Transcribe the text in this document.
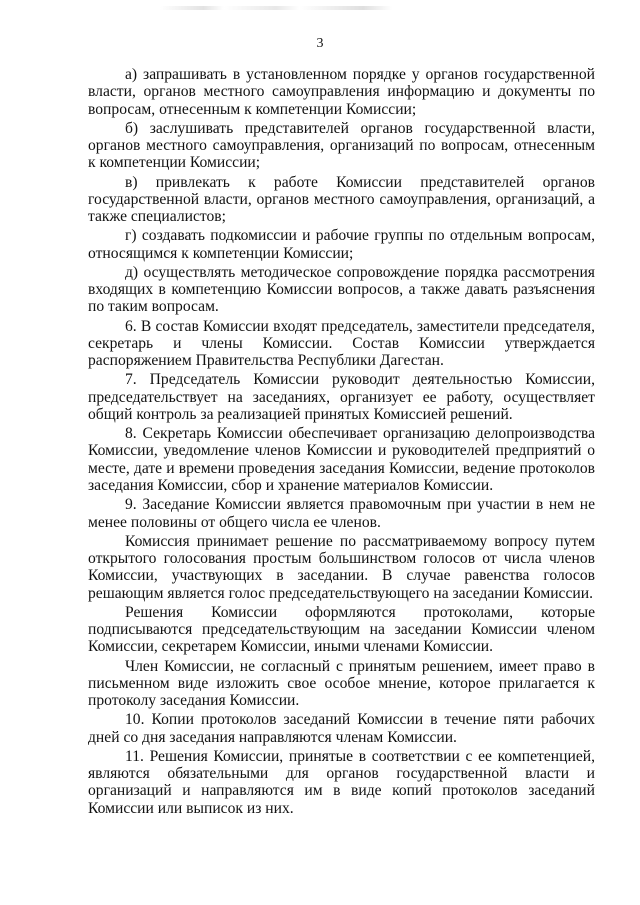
3

а) запрашивать в установленном порядке у органов государственной власти, органов местного самоуправления информацию и документы по вопросам, отнесенным к компетенции Комиссии;

б) заслушивать представителей органов государственной власти, органов местного самоуправления, организаций по вопросам, отнесенным к компетенции Комиссии;

в) привлекать к работе Комиссии представителей органов государственной власти, органов местного самоуправления, организаций, а также специалистов;

г) создавать подкомиссии и рабочие группы по отдельным вопросам, относящимся к компетенции Комиссии;

д) осуществлять методическое сопровождение порядка рассмотрения входящих в компетенцию Комиссии вопросов, а также давать разъяснения по таким вопросам.

6. В состав Комиссии входят председатель, заместители председателя, секретарь и члены Комиссии. Состав Комиссии утверждается распоряжением Правительства Республики Дагестан.

7. Председатель Комиссии руководит деятельностью Комиссии, председательствует на заседаниях, организует ее работу, осуществляет общий контроль за реализацией принятых Комиссией решений.

8. Секретарь Комиссии обеспечивает организацию делопроизводства Комиссии, уведомление членов Комиссии и руководителей предприятий о месте, дате и времени проведения заседания Комиссии, ведение протоколов заседания Комиссии, сбор и хранение материалов Комиссии.

9. Заседание Комиссии является правомочным при участии в нем не менее половины от общего числа ее членов.

Комиссия принимает решение по рассматриваемому вопросу путем открытого голосования простым большинством голосов от числа членов Комиссии, участвующих в заседании. В случае равенства голосов решающим является голос председательствующего на заседании Комиссии.

Решения Комиссии оформляются протоколами, которые подписываются председательствующим на заседании Комиссии членом Комиссии, секретарем Комиссии, иными членами Комиссии.

Член Комиссии, не согласный с принятым решением, имеет право в письменном виде изложить свое особое мнение, которое прилагается к протоколу заседания Комиссии.

10. Копии протоколов заседаний Комиссии в течение пяти рабочих дней со дня заседания направляются членам Комиссии.

11. Решения Комиссии, принятые в соответствии с ее компетенцией, являются обязательными для органов государственной власти и организаций и направляются им в виде копий протоколов заседаний Комиссии или выписок из них.
